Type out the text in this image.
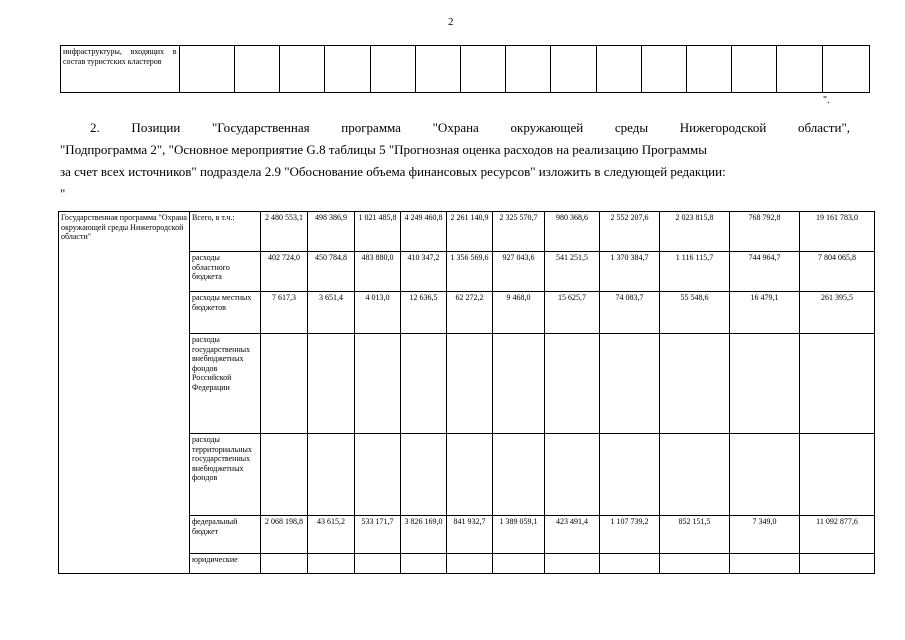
2
инфраструктуры, входящих в состав туристских кластеров															
".
2. Позиции "Государственная программа "Охрана окружающей среды Нижегородской области",
"Подпрограмма 2", "Основное мероприятие G.8 таблицы 5 "Прогнозная оценка расходов на реализацию Программы
за счет всех источников" подраздела 2.9 "Обоснование объема финансовых ресурсов" изложить в следующей редакции:
"
Государственная программа "Охрана окружающей среды Нижегородской области"	Всего, в т.ч.:	2 480 553,1	498 386,9	1 021 485,8	4 249 460,8	2 261 140,9	2 325 570,7	980 368,6	2 552 207,6	2 023 815,8	768 792,8	19 161 783,0
	расходы областного бюджета	402 724,0	450 784,8	483 880,0	410 347,2	1 356 569,6	927 043,6	541 251,5	1 370 384,7	1 116 115,7	744 964,7	7 804 065,8
	расходы местных бюджетов	7 617,3	3 651,4	4 013,0	12 636,5	62 272,2	9 468,0	15 625,7	74 083,7	55 548,6	16 479,1	261 395,5
	расходы государственных внебюджетных фондов Российской Федерации											
	расходы территориальных государственных внебюджетных фондов											
	федеральный бюджет	2 068 198,8	43 615,2	533 171,7	3 826 169,0	841 932,7	1 389 059,1	423 491,4	1 107 739,2	852 151,5	7 349,0	11 092 877,6
	юридические											
